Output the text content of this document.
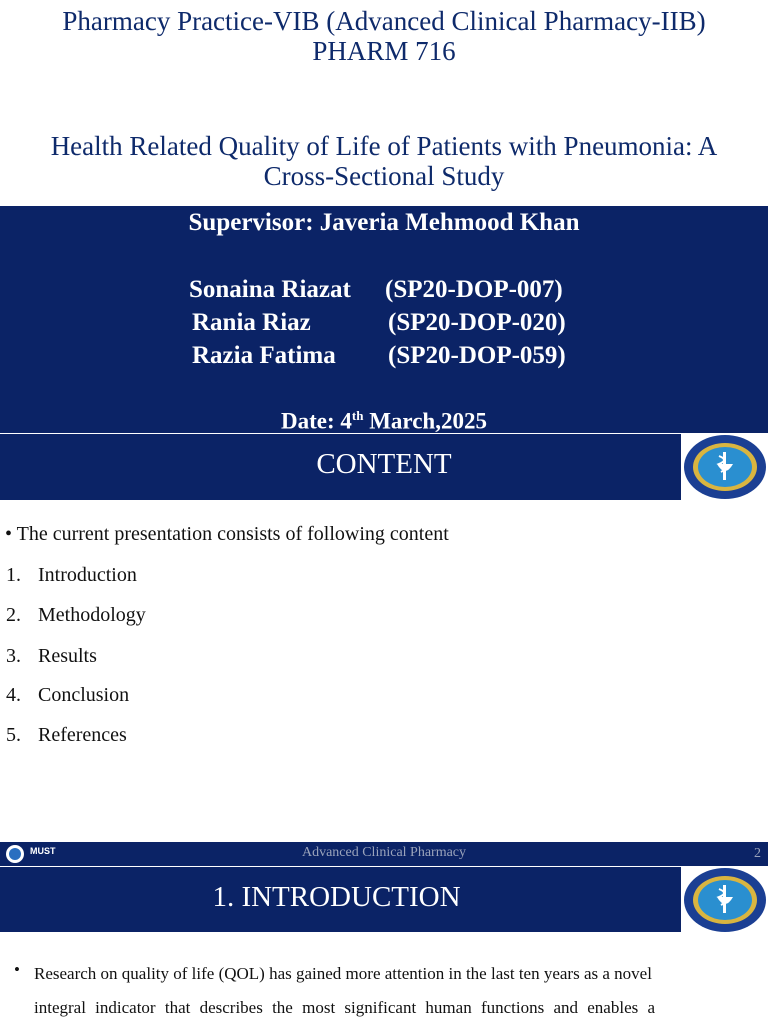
Pharmacy Practice-VIB (Advanced Clinical Pharmacy-IIB)
PHARM 716
Health Related Quality of Life of Patients with Pneumonia: A
Cross-Sectional Study
Supervisor: Javeria Mehmood Khan
Sonaina Riazat (SP20-DOP-007)
Rania Riaz	(SP20-DOP-020)
Razia Fatima (SP20-DOP-059)
Date: 4th March,2025
CONTENT
• The current presentation consists of following content
1. Introduction
2. Methodology
3. Results
4. Conclusion
5. References
MUST	Advanced Clinical Pharmacy	2
1. INTRODUCTION
• Research on quality of life (QOL) has gained more attention in the last ten years as a novel
integral indicator that describes the most significant human functions and enables a
